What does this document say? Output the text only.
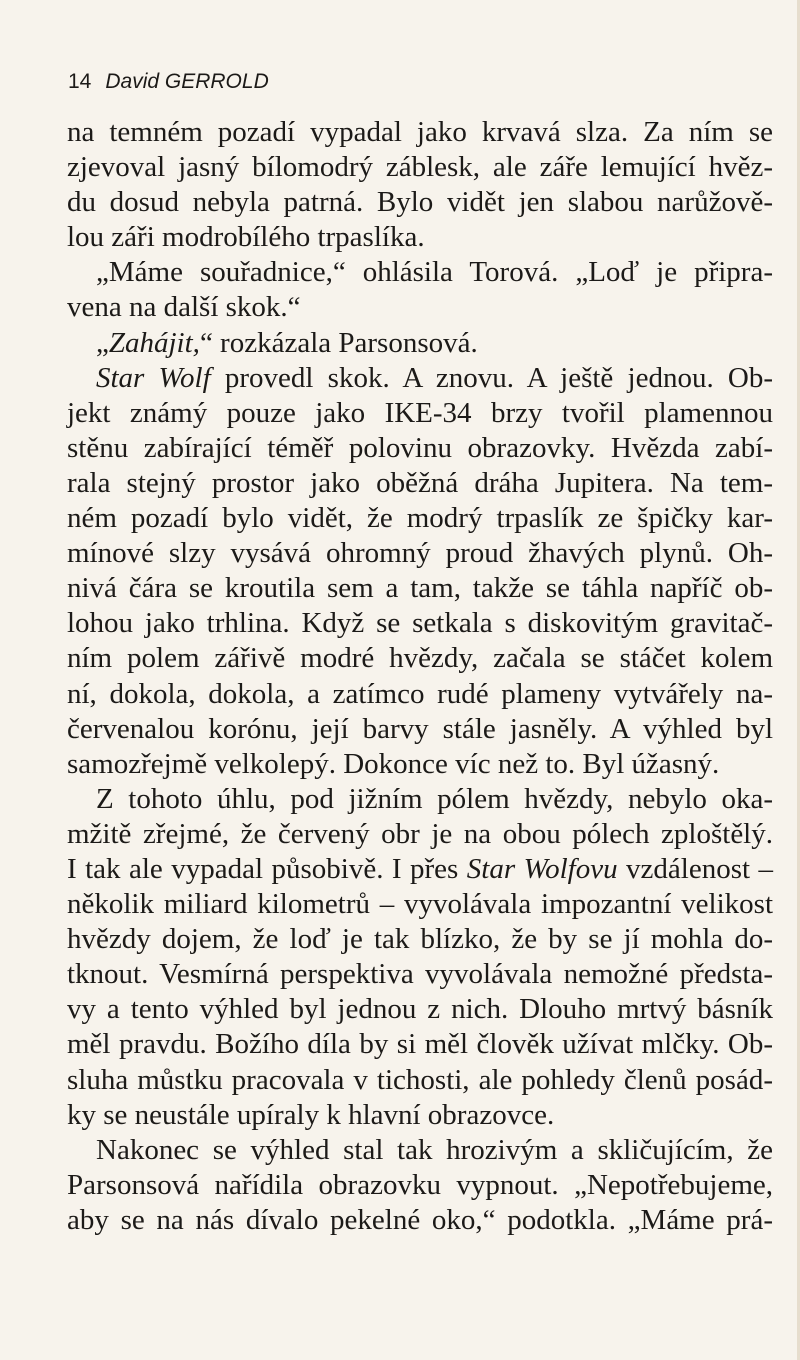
14 David GERROLD
na temném pozadí vypadal jako krvavá slza. Za ním se
zjevoval jasný bílomodrý záblesk, ale záře lemující hvěz-
du dosud nebyla patrná. Bylo vidět jen slabou narůžově-
lou záři modrobílého trpaslíka.
„Máme souřadnice,“ ohlásila Torová. „Loď je připra-
vena na další skok.“
„Zahájit,“ rozkázala Parsonsová.
Star Wolf provedl skok. A znovu. A ještě jednou. Ob-
jekt známý pouze jako IKE-34 brzy tvořil plamennou
stěnu zabírající téměř polovinu obrazovky. Hvězda zabí-
rala stejný prostor jako oběžná dráha Jupitera. Na tem-
ném pozadí bylo vidět, že modrý trpaslík ze špičky kar-
mínové slzy vysává ohromný proud žhavých plynů. Oh-
nivá čára se kroutila sem a tam, takže se táhla napříč ob-
lohou jako trhlina. Když se setkala s diskovitým gravitač-
ním polem zářivě modré hvězdy, začala se stáčet kolem
ní, dokola, dokola, a zatímco rudé plameny vytvářely na-
červenalou korónu, její barvy stále jasněly. A výhled byl
samozřejmě velkolepý. Dokonce víc než to. Byl úžasný.
Z tohoto úhlu, pod jižním pólem hvězdy, nebylo oka-
mžitě zřejmé, že červený obr je na obou pólech zploštělý.
I tak ale vypadal působivě. I přes Star Wolfovu vzdálenost –
několik miliard kilometrů – vyvolávala impozantní velikost
hvězdy dojem, že loď je tak blízko, že by se jí mohla do-
tknout. Vesmírná perspektiva vyvolávala nemožné předsta-
vy a tento výhled byl jednou z nich. Dlouho mrtvý básník
měl pravdu. Božího díla by si měl člověk užívat mlčky. Ob-
sluha můstku pracovala v tichosti, ale pohledy členů posád-
ky se neustále upíraly k hlavní obrazovce.
Nakonec se výhled stal tak hrozivým a skličujícím, že
Parsonsová nařídila obrazovku vypnout. „Nepotřebujeme,
aby se na nás dívalo pekelné oko,“ podotkla. „Máme prá-
